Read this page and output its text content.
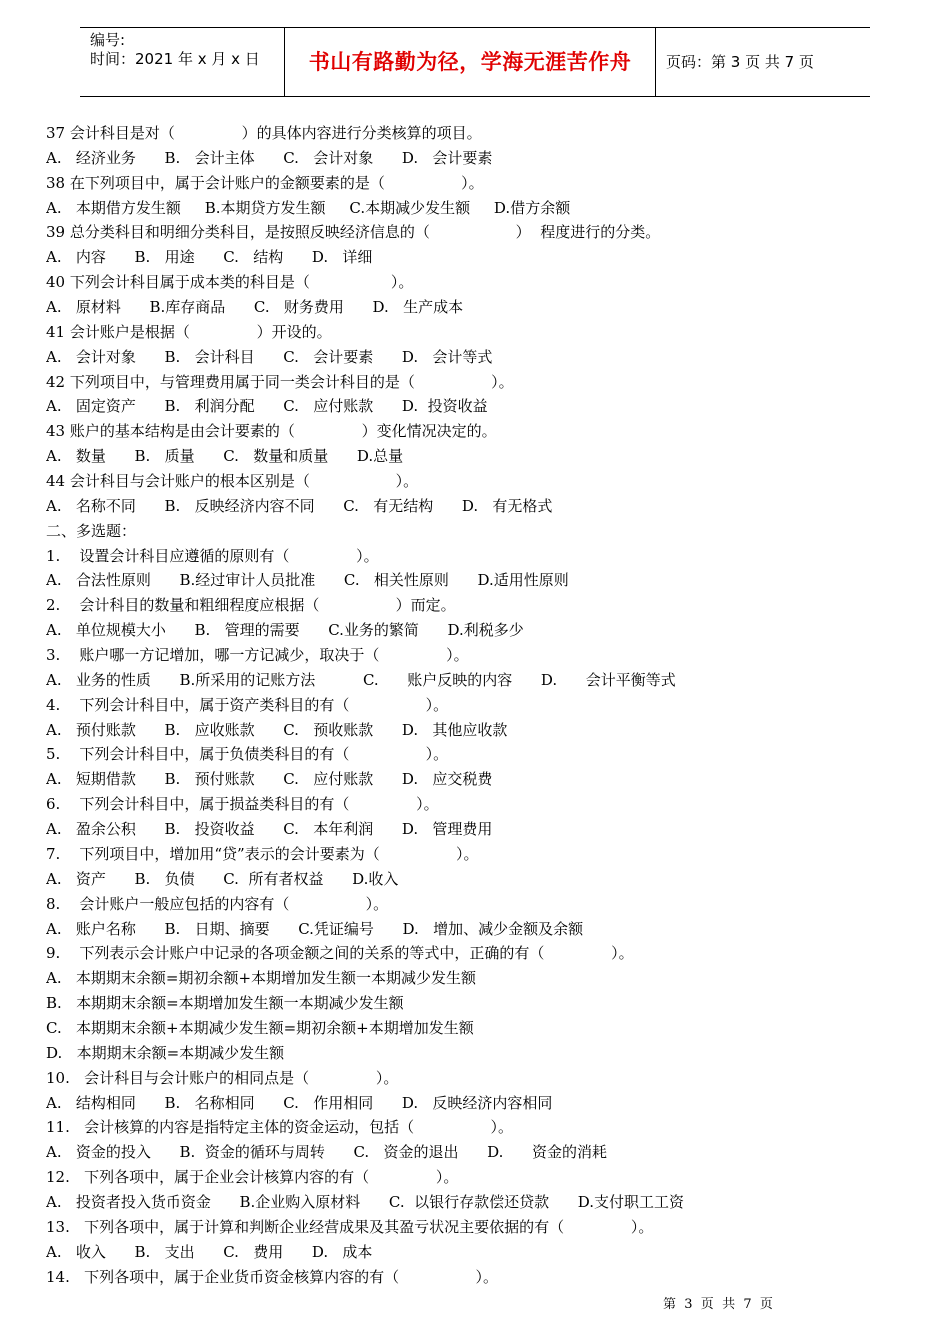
编号:
时间：2021 年 x 月 x 日	书山有路勤为径，学海无涯苦作舟	页码：第 3 页 共 7 页
37 会计科目是对（              ）的具体内容进行分类核算的项目。
A.   经济业务      B.   会计主体      C.   会计对象      D.   会计要素
38 在下列项目中，属于会计账户的金额要素的是（                ）。
A.   本期借方发生额     B.本期贷方发生额     C.本期减少发生额     D.借方余额
39 总分类科目和明细分类科目，是按照反映经济信息的（                  ）  程度进行的分类。
A.   内容      B.   用途      C.   结构      D.   详细
40 下列会计科目属于成本类的科目是（                 ）。
A.   原材料      B.库存商品      C.   财务费用      D.   生产成本
41 会计账户是根据（              ）开设的。
A.   会计对象      B.   会计科目      C.   会计要素      D.   会计等式
42 下列项目中，与管理费用属于同一类会计科目的是（                ）。
A.   固定资产      B.   利润分配      C.   应付账款      D.  投资收益
43 账户的基本结构是由会计要素的（              ）变化情况决定的。
A.   数量      B.   质量      C.   数量和质量      D.总量
44 会计科目与会计账户的根本区别是（                  ）。
A.   名称不同      B.   反映经济内容不同      C.   有无结构      D.   有无格式
二、多选题：
1.    设置会计科目应遵循的原则有（              ）。
A.   合法性原则      B.经过审计人员批准      C.   相关性原则      D.适用性原则
2.    会计科目的数量和粗细程度应根据（                ）而定。
A.   单位规模大小      B.   管理的需要      C.业务的繁简      D.利税多少
3.    账户哪一方记增加，哪一方记减少，取决于（              ）。
A.   业务的性质      B.所采用的记账方法          C.      账户反映的内容      D.      会计平衡等式
4.    下列会计科目中，属于资产类科目的有（                ）。
A.   预付账款      B.   应收账款      C.   预收账款      D.   其他应收款
5.    下列会计科目中，属于负债类科目的有（                ）。
A.   短期借款      B.   预付账款      C.   应付账款      D.   应交税费
6.    下列会计科目中，属于损益类科目的有（              ）。
A.   盈余公积      B.   投资收益      C.   本年利润      D.   管理费用
7.    下列项目中，增加用“贷”表示的会计要素为（                ）。
A.   资产      B.   负债      C.  所有者权益      D.收入
8.    会计账户一般应包括的内容有（                ）。
A.   账户名称      B.   日期、摘要      C.凭证编号      D.   增加、减少金额及余额
9.    下列表示会计账户中记录的各项金额之间的关系的等式中，正确的有（              ）。
A.   本期期末余额=期初余额+本期增加发生额一本期减少发生额
B.   本期期末余额=本期增加发生额一本期减少发生额
C.   本期期末余额+本期减少发生额=期初余额+本期增加发生额
D.   本期期末余额=本期减少发生额
10.   会计科目与会计账户的相同点是（              ）。
A.   结构相同      B.   名称相同      C.   作用相同      D.   反映经济内容相同
11.   会计核算的内容是指特定主体的资金运动，包括（                ）。
A.   资金的投入      B.  资金的循环与周转      C.   资金的退出      D.      资金的消耗
12.   下列各项中，属于企业会计核算内容的有（              ）。
A.   投资者投入货币资金      B.企业购入原材料      C.  以银行存款偿还贷款      D.支付职工工资
13.   下列各项中，属于计算和判断企业经营成果及其盈亏状况主要依据的有（              ）。
A.   收入      B.   支出      C.   费用      D.   成本
14.   下列各项中，属于企业货币资金核算内容的有（                ）。
第  3  页  共  7  页
